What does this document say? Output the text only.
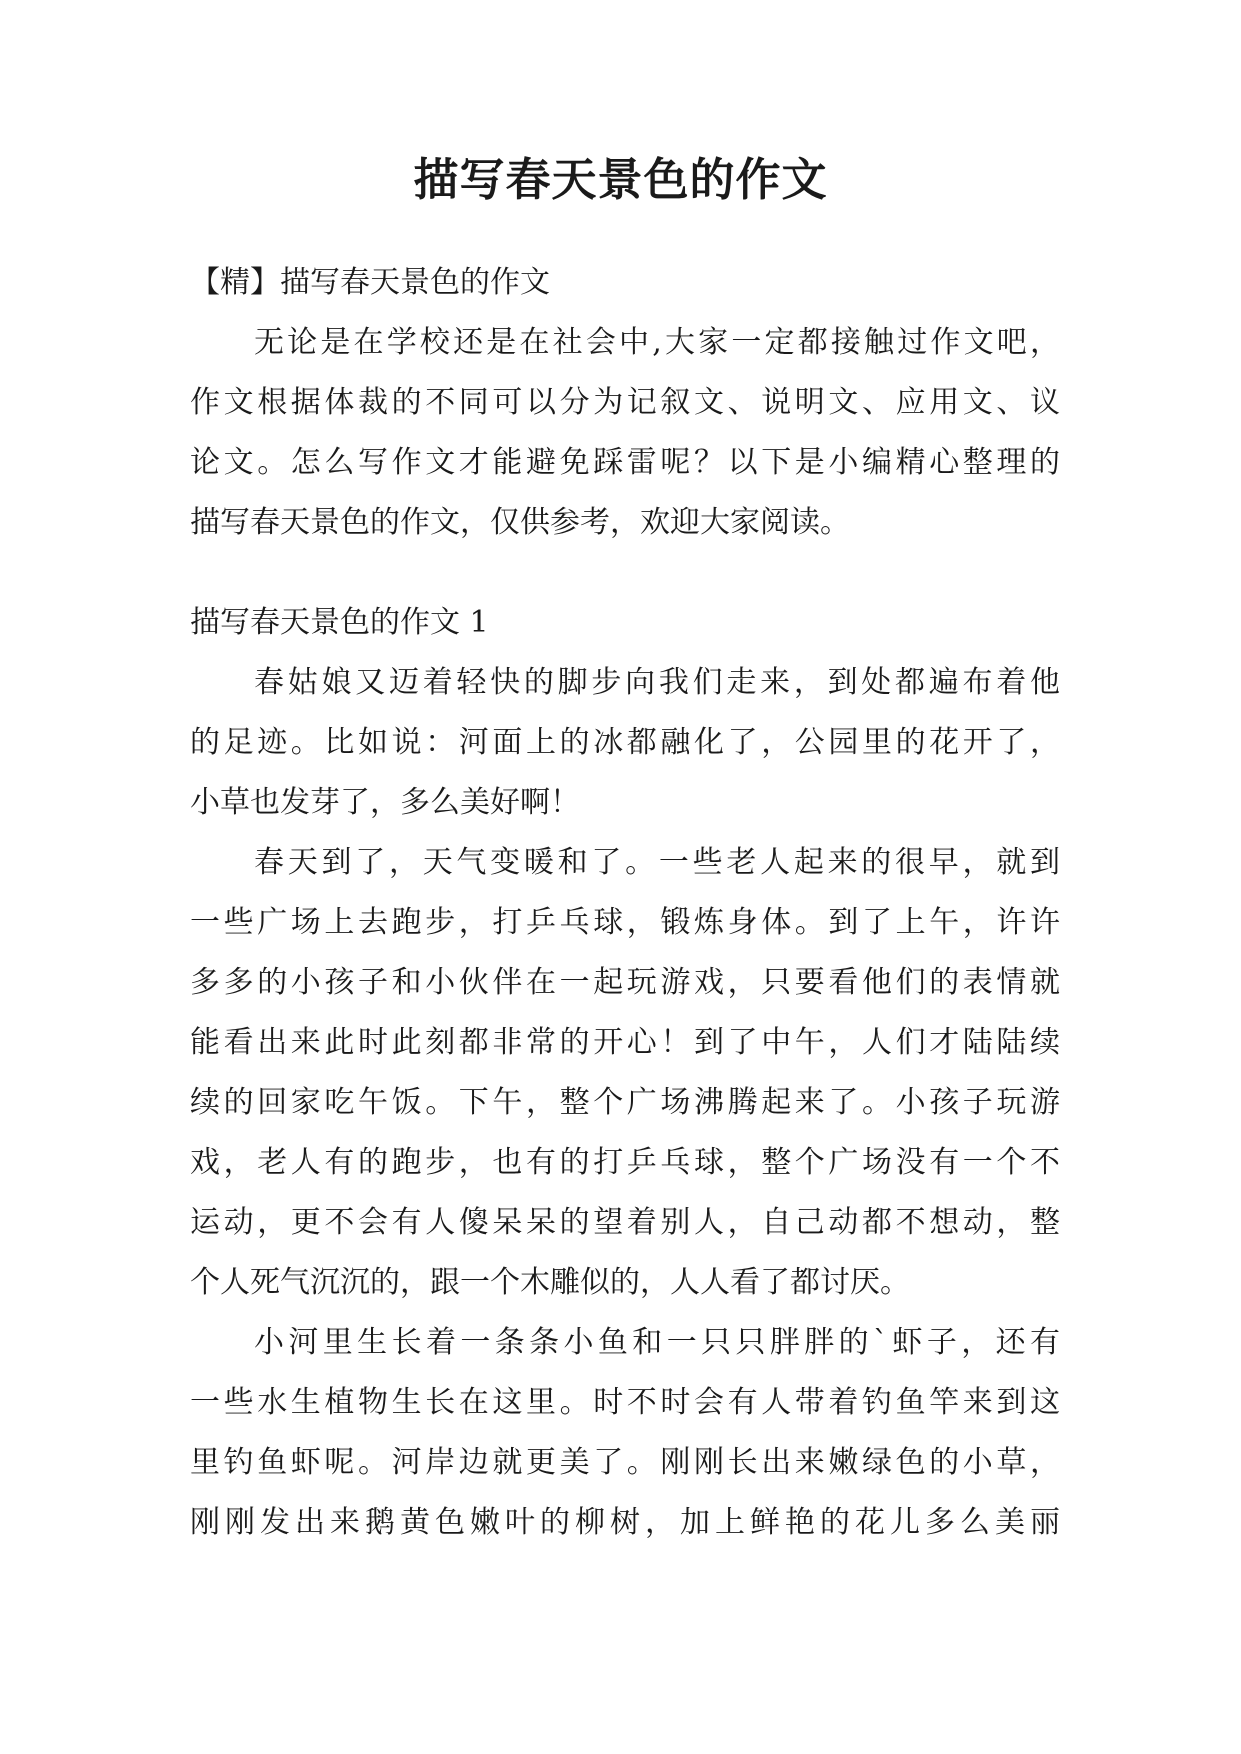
描写春天景色的作文
【精】描写春天景色的作文
无论是在学校还是在社会中,大家一定都接触过作文吧，
作文根据体裁的不同可以分为记叙文、说明文、应用文、议
论文。怎么写作文才能避免踩雷呢？以下是小编精心整理的
描写春天景色的作文，仅供参考，欢迎大家阅读。
描写春天景色的作文 1
春姑娘又迈着轻快的脚步向我们走来，到处都遍布着他
的足迹。比如说：河面上的冰都融化了，公园里的花开了，
小草也发芽了，多么美好啊！
春天到了，天气变暖和了。一些老人起来的很早，就到
一些广场上去跑步，打乒乓球，锻炼身体。到了上午，许许
多多的小孩子和小伙伴在一起玩游戏，只要看他们的表情就
能看出来此时此刻都非常的开心！到了中午，人们才陆陆续
续的回家吃午饭。下午，整个广场沸腾起来了。小孩子玩游
戏，老人有的跑步，也有的打乒乓球，整个广场没有一个不
运动，更不会有人傻呆呆的望着别人，自己动都不想动，整
个人死气沉沉的，跟一个木雕似的，人人看了都讨厌。
小河里生长着一条条小鱼和一只只胖胖的`虾子，还有
一些水生植物生长在这里。时不时会有人带着钓鱼竿来到这
里钓鱼虾呢。河岸边就更美了。刚刚长出来嫩绿色的小草，
刚刚发出来鹅黄色嫩叶的柳树，加上鲜艳的花儿多么美丽
